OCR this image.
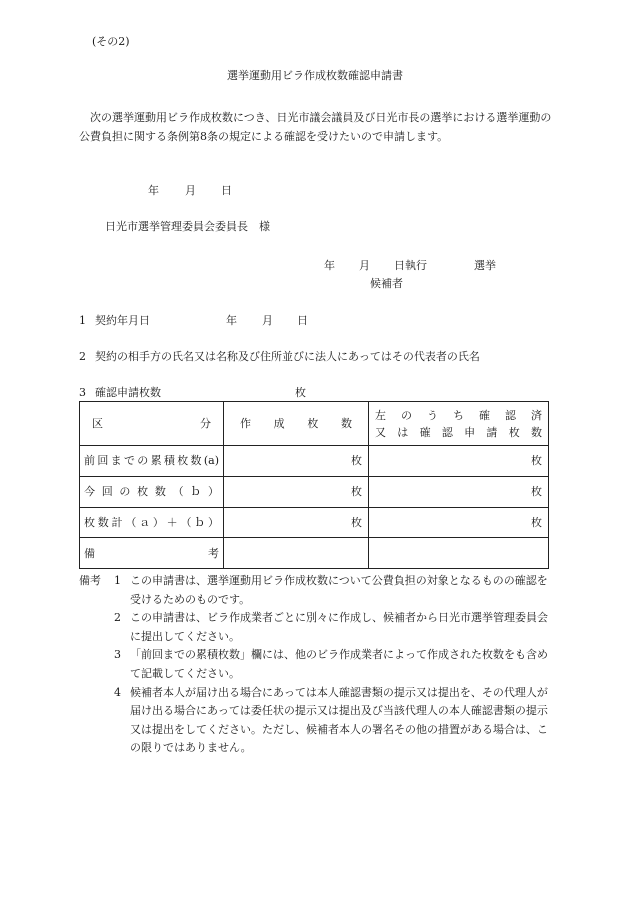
(その2)
選挙運動用ビラ作成枚数確認申請書
次の選挙運動用ビラ作成枚数につき、日光市議会議員及び日光市長の選挙における選挙運動の公費負担に関する条例第8条の規定による確認を受けたいので申請します。
年 月 日
日光市選挙管理委員会委員長　様
年 月 日執行	選挙
候補者
1 契約年月日	年 月 日
2 契約の相手方の氏名又は名称及び住所並びに法人にあってはその代表者の氏名
3 確認申請枚数	枚
区　　分	作　成　枚　数	左のうち確認済
又は確認申請枚数

前回までの累積枚数(a)	枚	枚

今回の枚数（ｂ）	枚	枚

枚数計（ａ）＋（ｂ）	枚	枚

備　　考		

備考 1 この申請書は、選挙運動用ビラ作成枚数について公費負担の対象となるものの確認を受けるためのものです。
2 この申請書は、ビラ作成業者ごとに別々に作成し、候補者から日光市選挙管理委員会に提出してください。
3 「前回までの累積枚数」欄には、他のビラ作成業者によって作成された枚数をも含めて記載してください。
4 候補者本人が届け出る場合にあっては本人確認書類の提示又は提出を、その代理人が届け出る場合にあっては委任状の提示又は提出及び当該代理人の本人確認書類の提示又は提出をしてください。ただし、候補者本人の署名その他の措置がある場合は、この限りではありません。
